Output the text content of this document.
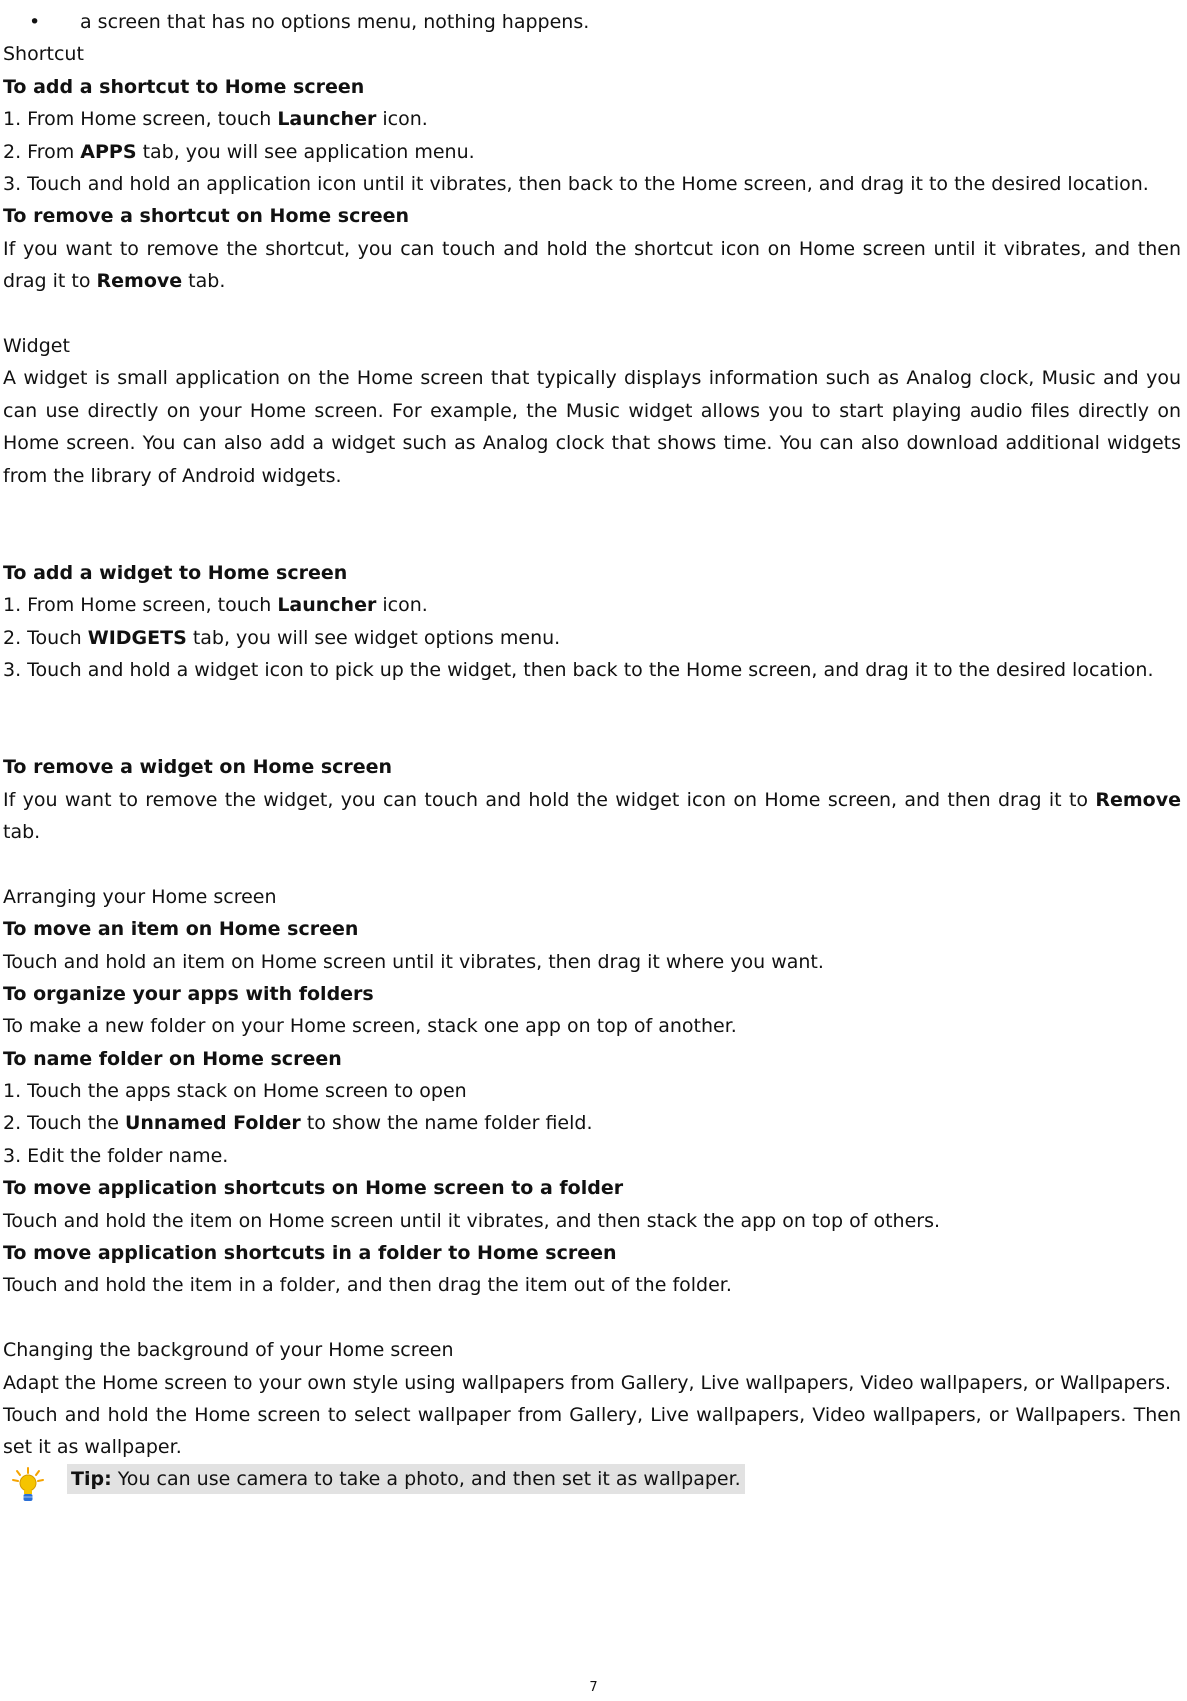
• a screen that has no options menu, nothing happens.
Shortcut
To add a shortcut to Home screen
1. From Home screen, touch Launcher icon.
2. From APPS tab, you will see application menu.
3. Touch and hold an application icon until it vibrates, then back to the Home screen, and drag it to the desired location.
To remove a shortcut on Home screen
If you want to remove the shortcut, you can touch and hold the shortcut icon on Home screen until it vibrates, and then drag it to Remove tab.
Widget
A widget is small application on the Home screen that typically displays information such as Analog clock, Music and you can use directly on your Home screen. For example, the Music widget allows you to start playing audio files directly on Home screen. You can also add a widget such as Analog clock that shows time. You can also download additional widgets from the library of Android widgets.
To add a widget to Home screen
1. From Home screen, touch Launcher icon.
2. Touch WIDGETS tab, you will see widget options menu.
3. Touch and hold a widget icon to pick up the widget, then back to the Home screen, and drag it to the desired location.
To remove a widget on Home screen
If you want to remove the widget, you can touch and hold the widget icon on Home screen, and then drag it to Remove tab.
Arranging your Home screen
To move an item on Home screen
Touch and hold an item on Home screen until it vibrates, then drag it where you want.
To organize your apps with folders
To make a new folder on your Home screen, stack one app on top of another.
To name folder on Home screen
1. Touch the apps stack on Home screen to open
2. Touch the Unnamed Folder to show the name folder field.
3. Edit the folder name.
To move application shortcuts on Home screen to a folder
Touch and hold the item on Home screen until it vibrates, and then stack the app on top of others.
To move application shortcuts in a folder to Home screen
Touch and hold the item in a folder, and then drag the item out of the folder.
Changing the background of your Home screen
Adapt the Home screen to your own style using wallpapers from Gallery, Live wallpapers, Video wallpapers, or Wallpapers.
Touch and hold the Home screen to select wallpaper from Gallery, Live wallpapers, Video wallpapers, or Wallpapers. Then set it as wallpaper.
Tip: You can use camera to take a photo, and then set it as wallpaper.
7
